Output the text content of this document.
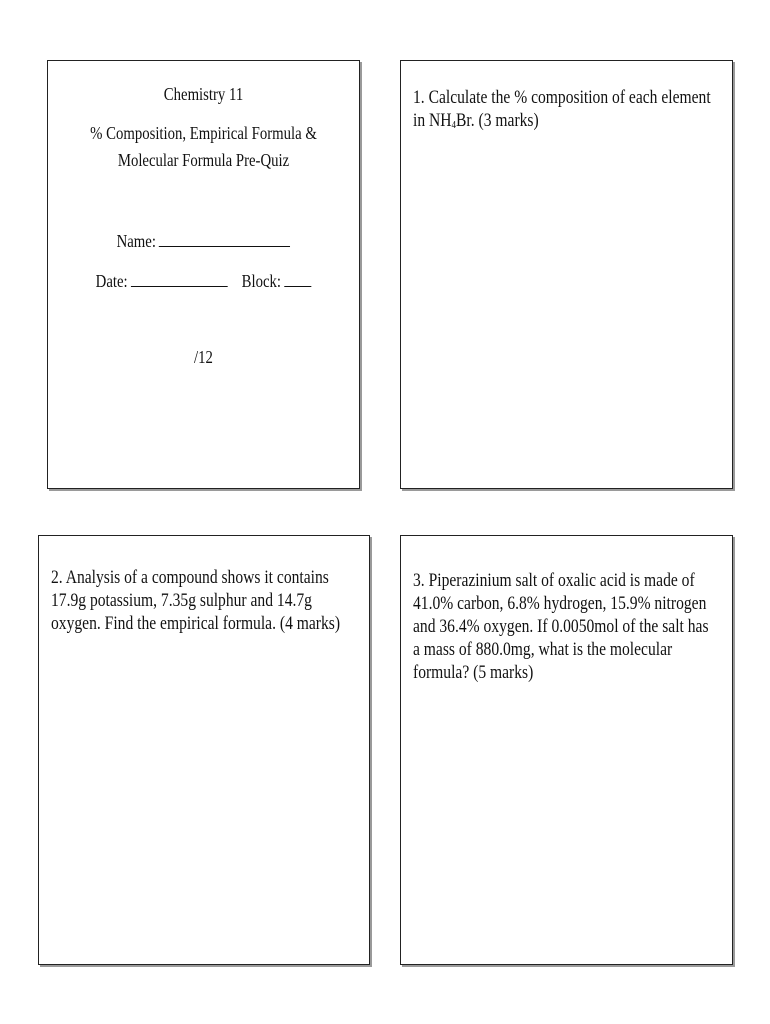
Chemistry 11
% Composition, Empirical Formula &
Molecular Formula Pre-Quiz
Name:
Date:	Block:
/12
1. Calculate the % composition of each element in $NH_4Br$. (3 marks)
2. Analysis of a compound shows it contains 17.9g potassium, 7.35g sulphur and 14.7g oxygen. Find the empirical formula. (4 marks)
3. Piperazinium salt of oxalic acid is made of 41.0% carbon, 6.8% hydrogen, 15.9% nitrogen and 36.4% oxygen. If 0.0050mol of the salt has a mass of 880.0mg, what is the molecular formula? (5 marks)
